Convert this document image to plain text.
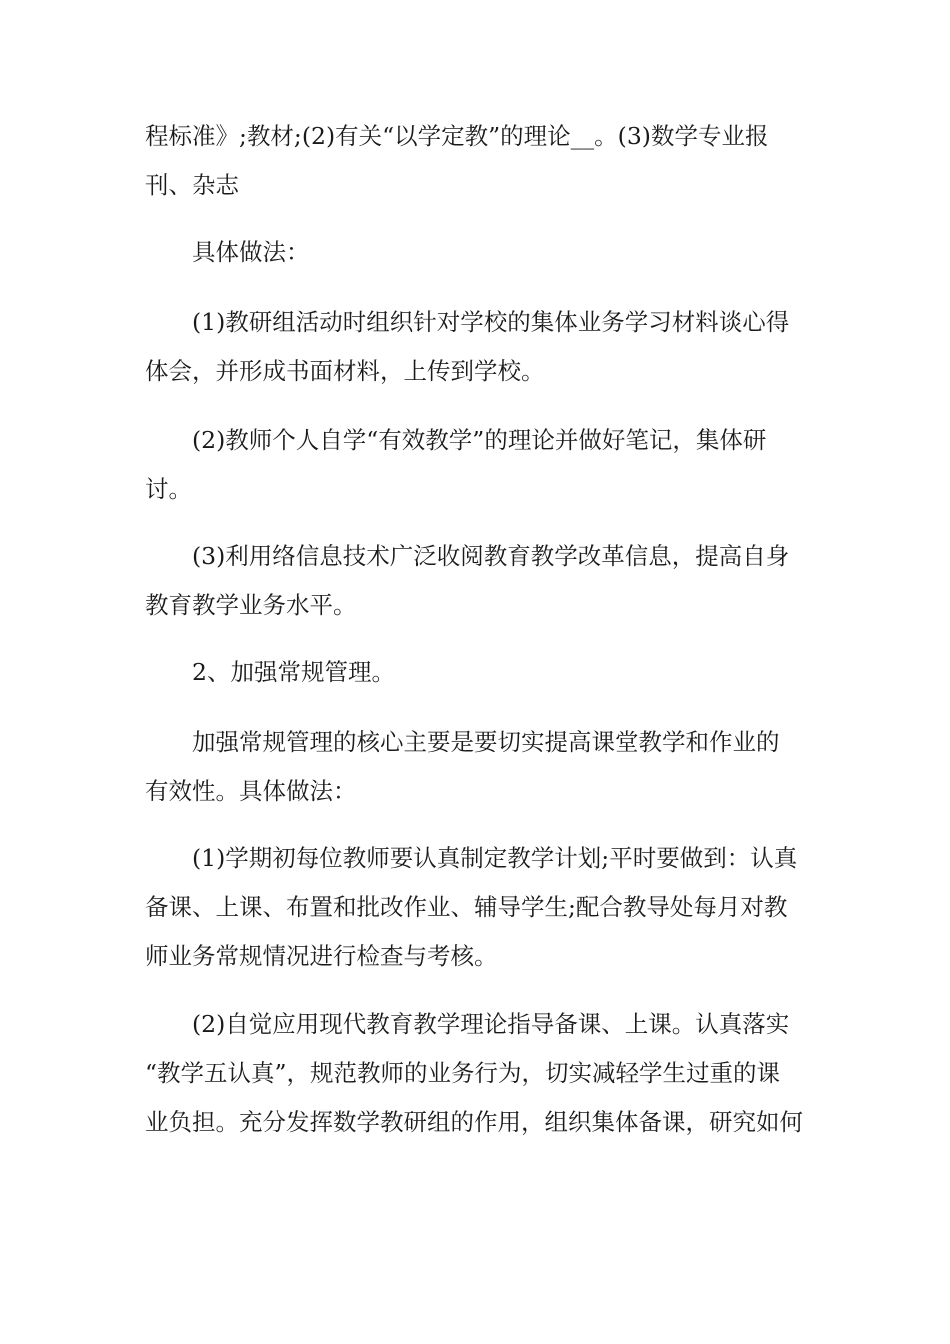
程标准》;教材;(2)有关“以学定教”的理论__。(3)数学专业报
刊、杂志
具体做法：
(1)教研组活动时组织针对学校的集体业务学习材料谈心得
体会，并形成书面材料，上传到学校。
(2)教师个人自学“有效教学”的理论并做好笔记，集体研
讨。
(3)利用络信息技术广泛收阅教育教学改革信息，提高自身
教育教学业务水平。
2、加强常规管理。
加强常规管理的核心主要是要切实提高课堂教学和作业的
有效性。具体做法：
(1)学期初每位教师要认真制定教学计划;平时要做到：认真
备课、上课、布置和批改作业、辅导学生;配合教导处每月对教
师业务常规情况进行检查与考核。
(2)自觉应用现代教育教学理论指导备课、上课。认真落实
“教学五认真”，规范教师的业务行为，切实减轻学生过重的课
业负担。充分发挥数学教研组的作用，组织集体备课，研究如何
